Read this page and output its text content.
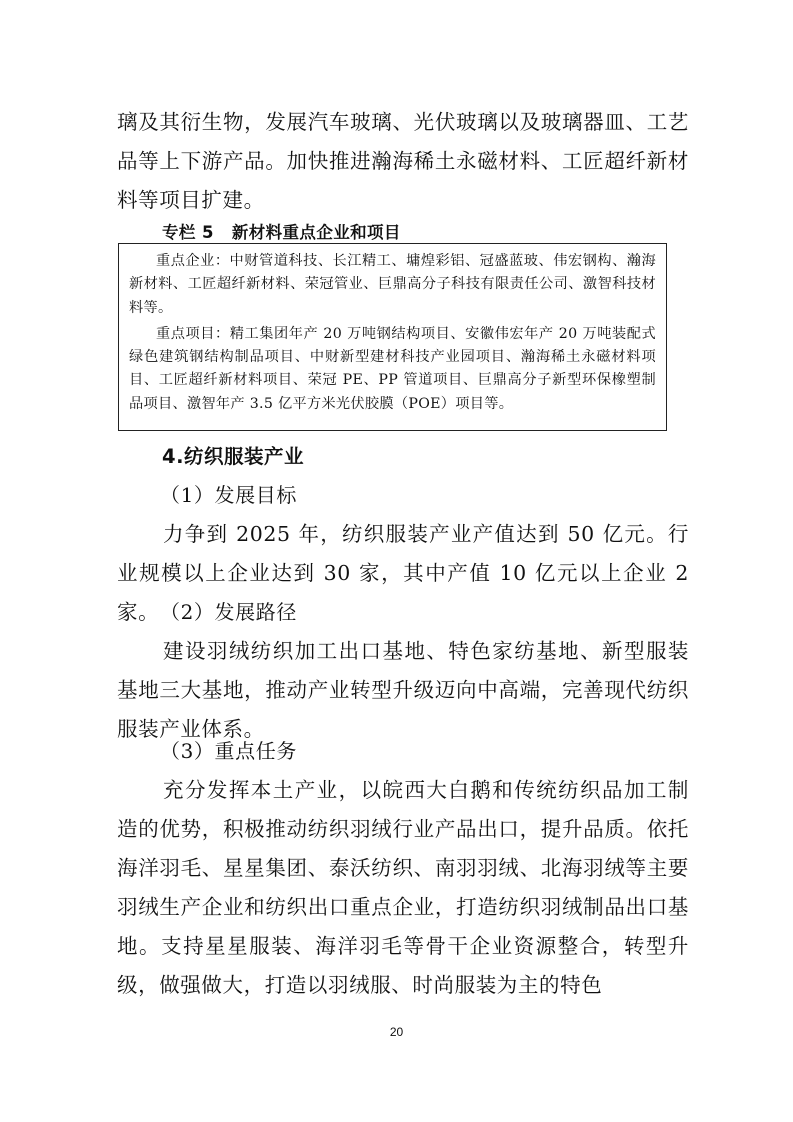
璃及其衍生物，发展汽车玻璃、光伏玻璃以及玻璃器皿、工艺品等上下游产品。加快推进瀚海稀土永磁材料、工匠超纤新材料等项目扩建。

专栏 5 新材料重点企业和项目

重点企业：中财管道科技、长江精工、墉煌彩铝、冠盛蓝玻、伟宏钢构、瀚海新材料、工匠超纤新材料、荣冠管业、巨鼎高分子科技有限责任公司、激智科技材料等。

重点项目：精工集团年产 20 万吨钢结构项目、安徽伟宏年产 20 万吨装配式绿色建筑钢结构制品项目、中财新型建材科技产业园项目、瀚海稀土永磁材料项目、工匠超纤新材料项目、荣冠 PE、PP 管道项目、巨鼎高分子新型环保橡塑制品项目、激智年产 3.5 亿平方米光伏胶膜（POE）项目等。

4.纺织服装产业
（1）发展目标

力争到 2025 年，纺织服装产业产值达到 50 亿元。行业规模以上企业达到 30 家，其中产值 10 亿元以上企业 2 家。 （2）发展路径

建设羽绒纺织加工出口基地、特色家纺基地、新型服装基地三大基地，推动产业转型升级迈向中高端，完善现代纺织服装产业体系。

（3）重点任务

充分发挥本土产业，以皖西大白鹅和传统纺织品加工制造的优势，积极推动纺织羽绒行业产品出口，提升品质。依托海洋羽毛、星星集团、泰沃纺织、南羽羽绒、北海羽绒等主要羽绒生产企业和纺织出口重点企业，打造纺织羽绒制品出口基地。支持星星服装、海洋羽毛等骨干企业资源整合，转型升级，做强做大，打造以羽绒服、时尚服装为主的特色

20
